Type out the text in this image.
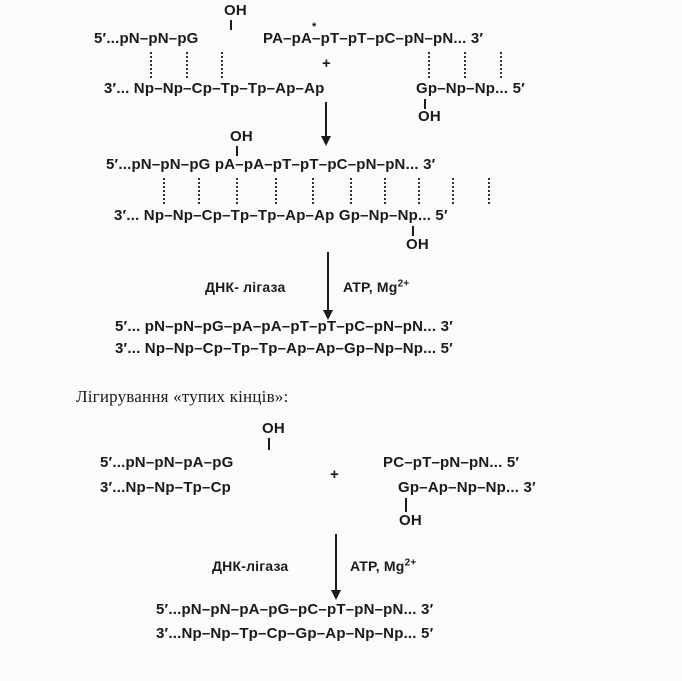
OH
5′...pN–pN–pG	PA–pA–pT–pT–pC–pN–pN... 3′
*
+
3′... Np–Np–Cp–Tp–Tp–Ap–Ap	Gp–Np–Np... 5′
OH
OH
5′...pN–pN–pG pA–pA–pT–pT–pC–pN–pN... 3′
3′... Np–Np–Cp–Tp–Tp–Ap–Ap Gp–Np–Np... 5′
OH
ДНК- лігаза	ATP, $Mg^{2+}$
5′... pN–pN–pG–pA–pA–pT–pT–pC–pN–pN... 3′
3′... Np–Np–Cp–Tp–Tp–Ap–Ap–Gp–Np–Np... 5′
Лігирування «тупих кінців»:
OH
5′...pN–pN–pA–pG
3′...Np–Np–Tp–Cp
+
PC–pT–pN–pN... 5′
Gp–Ap–Np–Np... 3′
OH
ДНК-лігаза	ATP, $Mg^{2+}$
5′...pN–pN–pA–pG–pC–pT–pN–pN... 3′
3′...Np–Np–Tp–Cp–Gp–Ap–Np–Np... 5′
